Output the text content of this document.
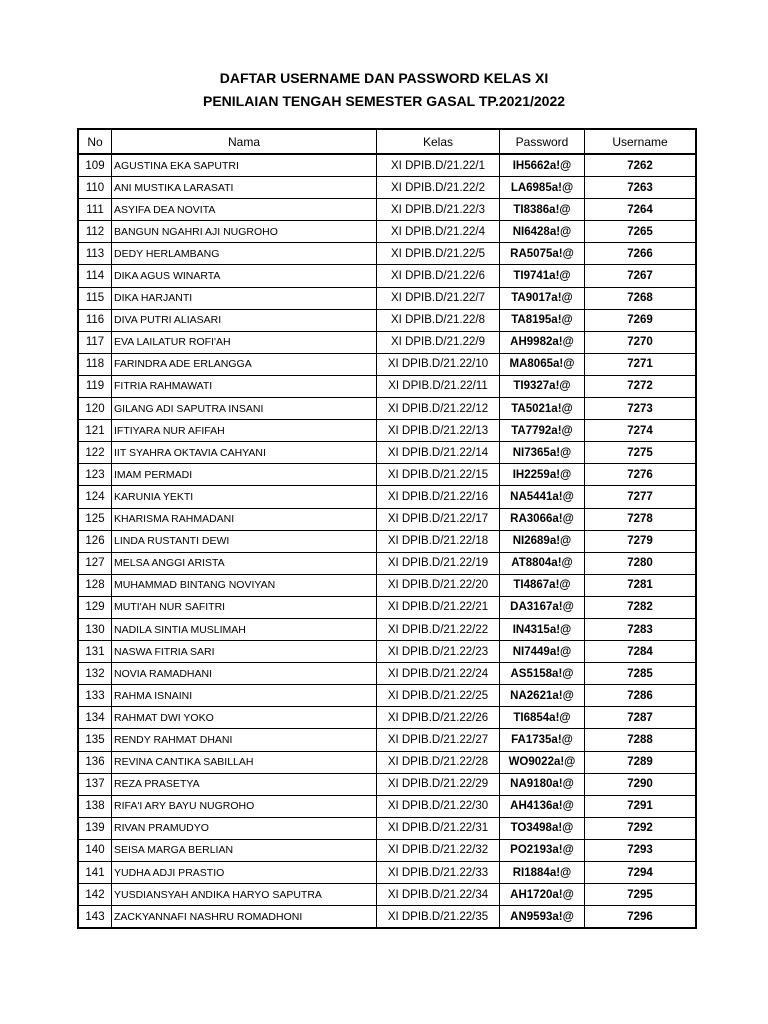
DAFTAR USERNAME DAN PASSWORD KELAS XI
PENILAIAN TENGAH SEMESTER GASAL TP.2021/2022
No	Nama	Kelas	Password	Username
109	AGUSTINA EKA SAPUTRI	XI DPIB.D/21.22/1	IH5662a!@	7262
110	ANI MUSTIKA LARASATI	XI DPIB.D/21.22/2	LA6985a!@	7263
111	ASYIFA DEA NOVITA	XI DPIB.D/21.22/3	TI8386a!@	7264
112	BANGUN NGAHRI AJI NUGROHO	XI DPIB.D/21.22/4	NI6428a!@	7265
113	DEDY HERLAMBANG	XI DPIB.D/21.22/5	RA5075a!@	7266
114	DIKA AGUS WINARTA	XI DPIB.D/21.22/6	TI9741a!@	7267
115	DIKA HARJANTI	XI DPIB.D/21.22/7	TA9017a!@	7268
116	DIVA PUTRI ALIASARI	XI DPIB.D/21.22/8	TA8195a!@	7269
117	EVA LAILATUR ROFI'AH	XI DPIB.D/21.22/9	AH9982a!@	7270
118	FARINDRA ADE ERLANGGA	XI DPIB.D/21.22/10	MA8065a!@	7271
119	FITRIA RAHMAWATI	XI DPIB.D/21.22/11	TI9327a!@	7272
120	GILANG ADI SAPUTRA INSANI	XI DPIB.D/21.22/12	TA5021a!@	7273
121	IFTIYARA NUR AFIFAH	XI DPIB.D/21.22/13	TA7792a!@	7274
122	IIT SYAHRA OKTAVIA CAHYANI	XI DPIB.D/21.22/14	NI7365a!@	7275
123	IMAM PERMADI	XI DPIB.D/21.22/15	IH2259a!@	7276
124	KARUNIA YEKTI	XI DPIB.D/21.22/16	NA5441a!@	7277
125	KHARISMA RAHMADANI	XI DPIB.D/21.22/17	RA3066a!@	7278
126	LINDA RUSTANTI DEWI	XI DPIB.D/21.22/18	NI2689a!@	7279
127	MELSA ANGGI ARISTA	XI DPIB.D/21.22/19	AT8804a!@	7280
128	MUHAMMAD BINTANG NOVIYAN	XI DPIB.D/21.22/20	TI4867a!@	7281
129	MUTI'AH NUR SAFITRI	XI DPIB.D/21.22/21	DA3167a!@	7282
130	NADILA SINTIA MUSLIMAH	XI DPIB.D/21.22/22	IN4315a!@	7283
131	NASWA FITRIA SARI	XI DPIB.D/21.22/23	NI7449a!@	7284
132	NOVIA RAMADHANI	XI DPIB.D/21.22/24	AS5158a!@	7285
133	RAHMA ISNAINI	XI DPIB.D/21.22/25	NA2621a!@	7286
134	RAHMAT DWI YOKO	XI DPIB.D/21.22/26	TI6854a!@	7287
135	RENDY RAHMAT DHANI	XI DPIB.D/21.22/27	FA1735a!@	7288
136	REVINA CANTIKA SABILLAH	XI DPIB.D/21.22/28	WO9022a!@	7289
137	REZA PRASETYA	XI DPIB.D/21.22/29	NA9180a!@	7290
138	RIFA'I ARY BAYU NUGROHO	XI DPIB.D/21.22/30	AH4136a!@	7291
139	RIVAN PRAMUDYO	XI DPIB.D/21.22/31	TO3498a!@	7292
140	SEISA MARGA BERLIAN	XI DPIB.D/21.22/32	PO2193a!@	7293
141	YUDHA ADJI PRASTIO	XI DPIB.D/21.22/33	RI1884a!@	7294
142	YUSDIANSYAH ANDIKA HARYO SAPUTRA	XI DPIB.D/21.22/34	AH1720a!@	7295
143	ZACKYANNAFI NASHRU ROMADHONI	XI DPIB.D/21.22/35	AN9593a!@	7296
